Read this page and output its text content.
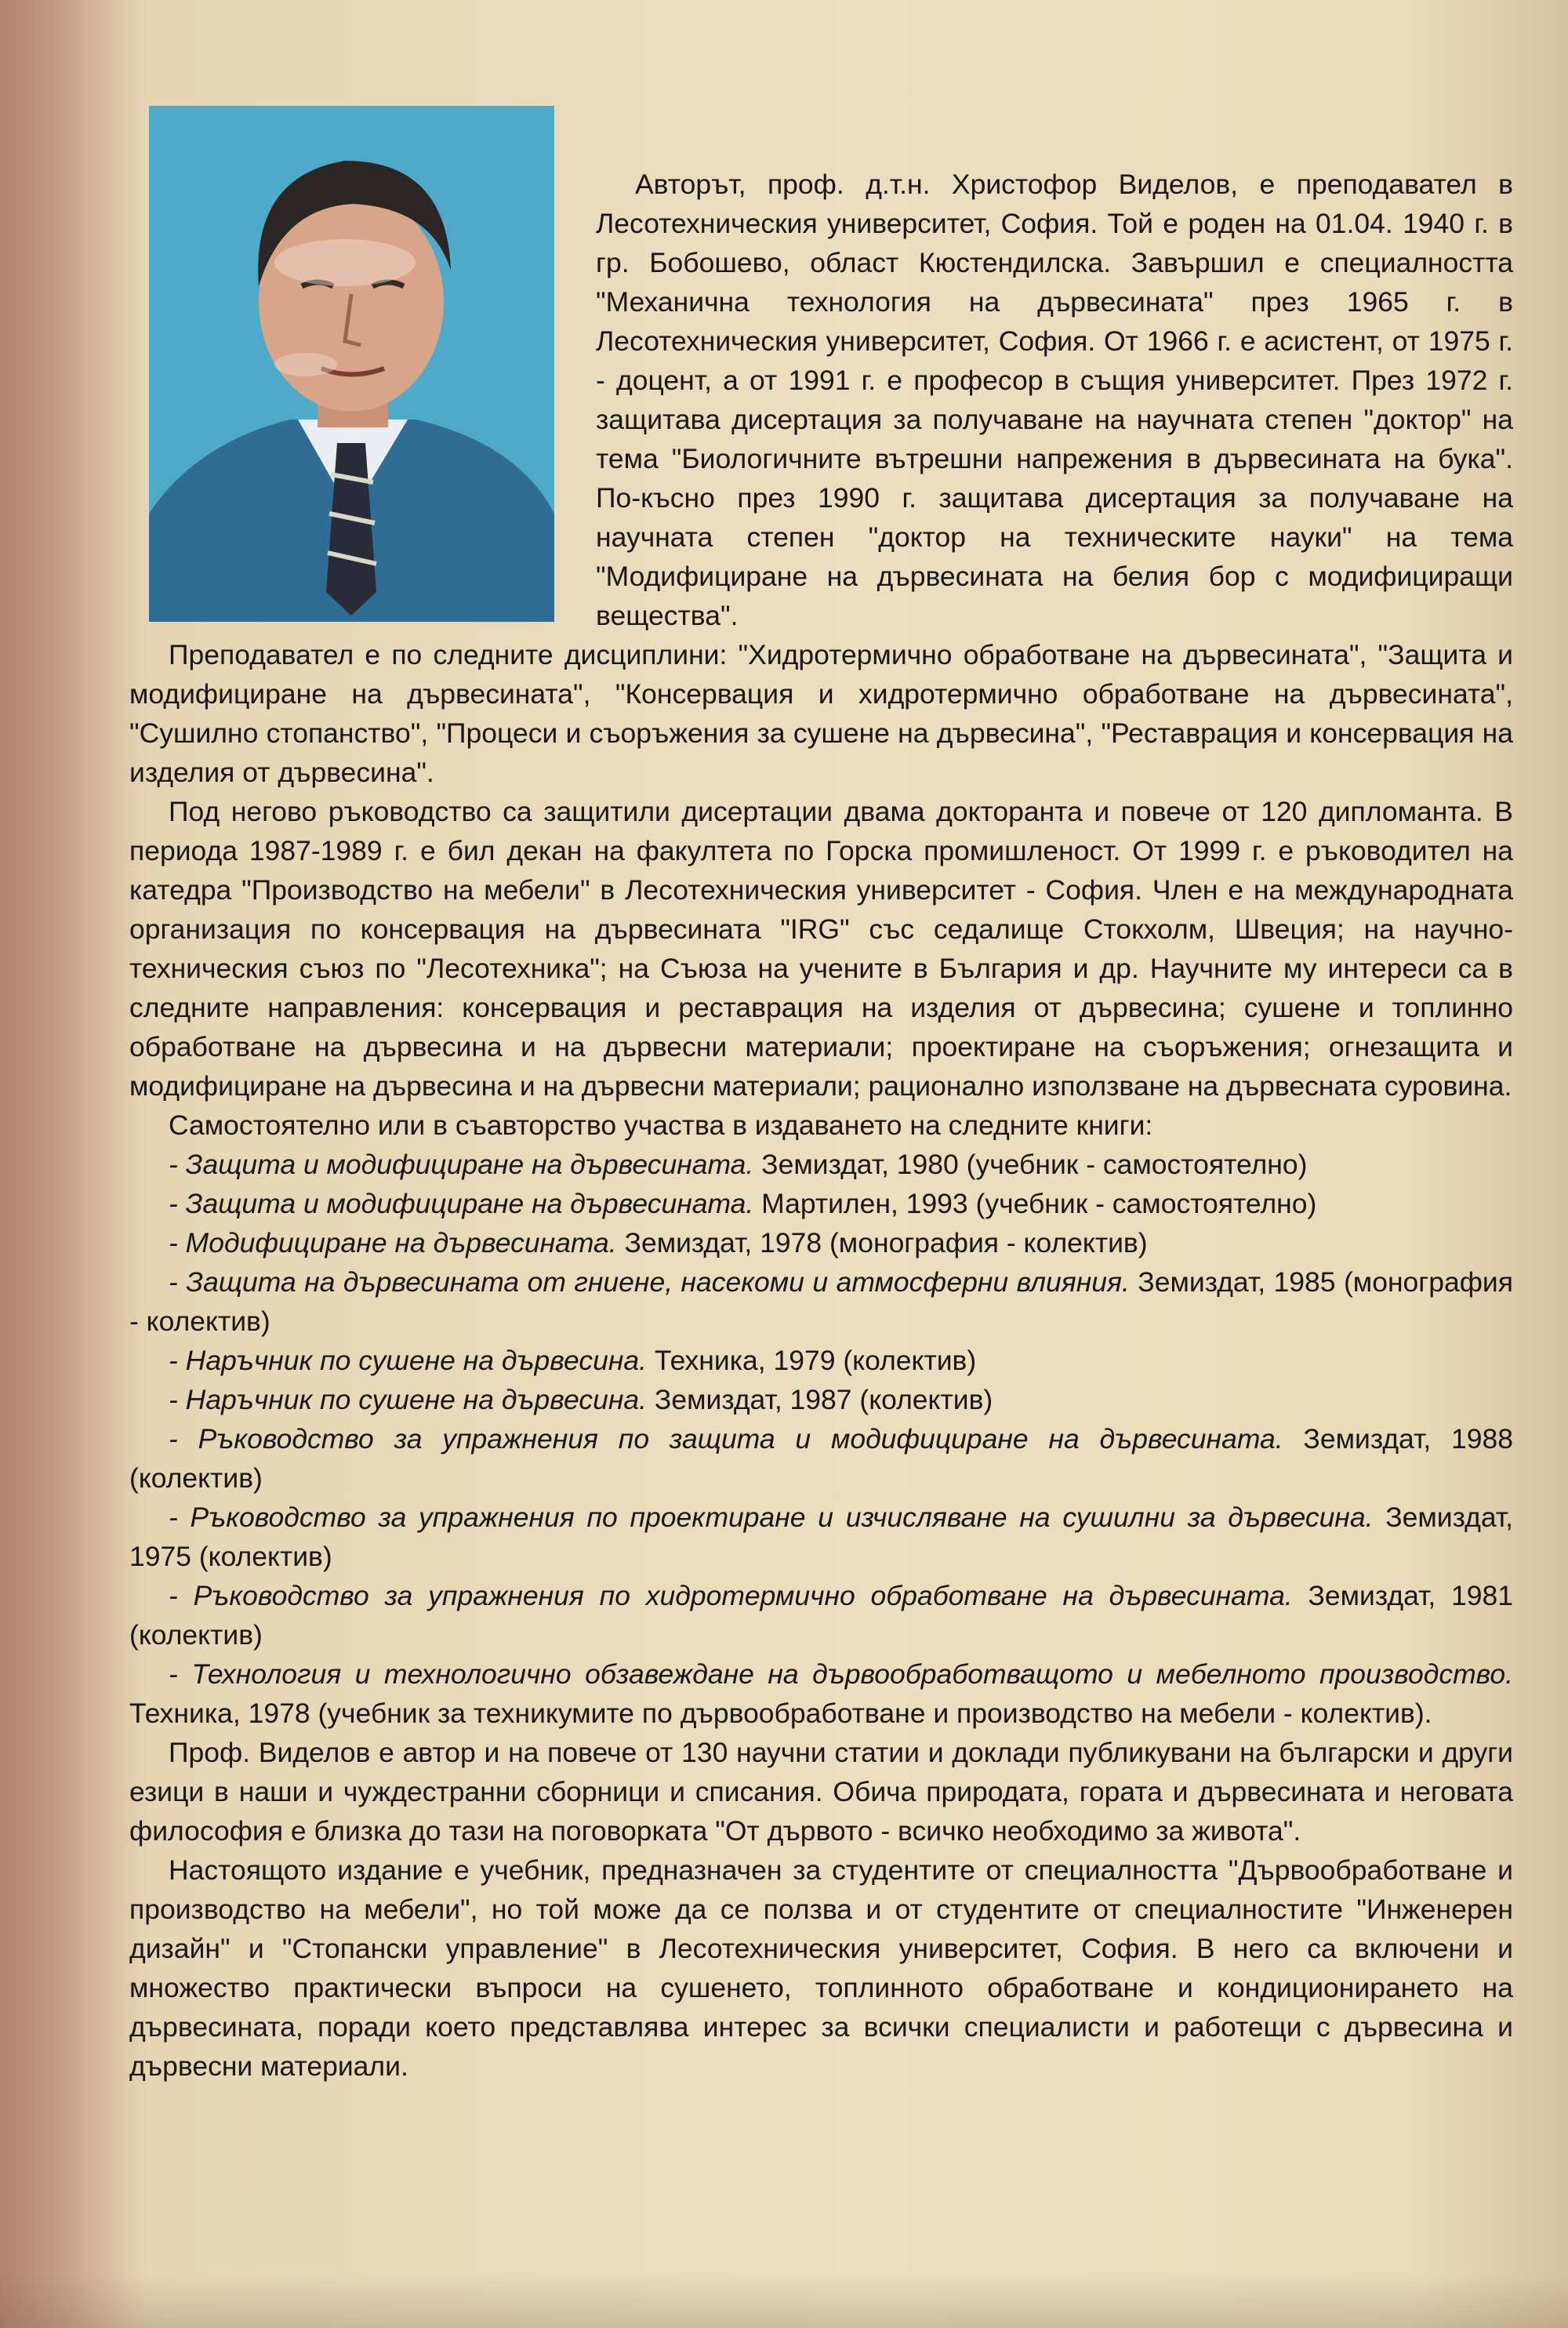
Авторът, проф. д.т.н. Христофор Виделов, е преподавател в Лесотехническия университет, София. Той е роден на 01.04. 1940 г. в гр. Бобошево, област Кюстендилска. Завършил е специалността "Механична технология на дървесината" през 1965 г. в Лесотехническия университет, София. От 1966 г. е асистент, от 1975 г. - доцент, а от 1991 г. е професор в същия университет. През 1972 г. защитава дисертация за получаване на научната степен "доктор" на тема "Биологичните вътрешни напрежения в дървесината на бука". По-късно през 1990 г. защитава дисертация за получаване на научната степен "доктор на техническите науки" на тема "Модифициране на дървесината на белия бор с модифициращи вещества".

Преподавател е по следните дисциплини: "Хидротермично обработване на дървесината", "Защита и модифициране на дървесината", "Консервация и хидротермично обработване на дървесината", "Сушилно стопанство", "Процеси и съоръжения за сушене на дървесина", "Реставрация и консервация на изделия от дървесина".

Под негово ръководство са защитили дисертации двама докторанта и повече от 120 дипломанта. В периода 1987-1989 г. е бил декан на факултета по Горска промишленост. От 1999 г. е ръководител на катедра "Производство на мебели" в Лесотехническия университет - София. Член е на международната организация по консервация на дървесината "IRG" със седалище Стокхолм, Швеция; на научно-техническия съюз по "Лесотехника"; на Съюза на учените в България и др. Научните му интереси са в следните направления: консервация и реставрация на изделия от дървесина; сушене и топлинно обработване на дървесина и на дървесни материали; проектиране на съоръжения; огнезащита и модифициране на дървесина и на дървесни материали; рационално използване на дървесната суровина.

Самостоятелно или в съавторство участва в издаването на следните книги:

- Защита и модифициране на дървесината. Земиздат, 1980 (учебник - самостоятелно)

- Защита и модифициране на дървесината. Мартилен, 1993 (учебник - самостоятелно)

- Модифициране на дървесината. Земиздат, 1978 (монография - колектив)

- Защита на дървесината от гниене, насекоми и атмосферни влияния. Земиздат, 1985 (монография - колектив)

- Наръчник по сушене на дървесина. Техника, 1979 (колектив)

- Наръчник по сушене на дървесина. Земиздат, 1987 (колектив)

- Ръководство за упражнения по защита и модифициране на дървесината. Земиздат, 1988 (колектив)

- Ръководство за упражнения по проектиране и изчисляване на сушилни за дървесина. Земиздат, 1975 (колектив)

- Ръководство за упражнения по хидротермично обработване на дървесината. Земиздат, 1981 (колектив)

- Технология и технологично обзавеждане на дървообработващото и мебелното производство. Техника, 1978 (учебник за техникумите по дървообработване и производство на мебели - колектив).

Проф. Виделов е автор и на повече от 130 научни статии и доклади публикувани на български и други езици в наши и чуждестранни сборници и списания. Обича природата, гората и дървесината и неговата философия е близка до тази на поговорката "От дървото - всичко необходимо за живота".

Настоящото издание е учебник, предназначен за студентите от специалността "Дървообработване и производство на мебели", но той може да се ползва и от студентите от специалностите "Инженерен дизайн" и "Стопански управление" в Лесотехническия университет, София. В него са включени и множество практически въпроси на сушенето, топлинното обработване и кондиционирането на дървесината, поради което представлява интерес за всички специалисти и работещи с дървесина и дървесни материали.
